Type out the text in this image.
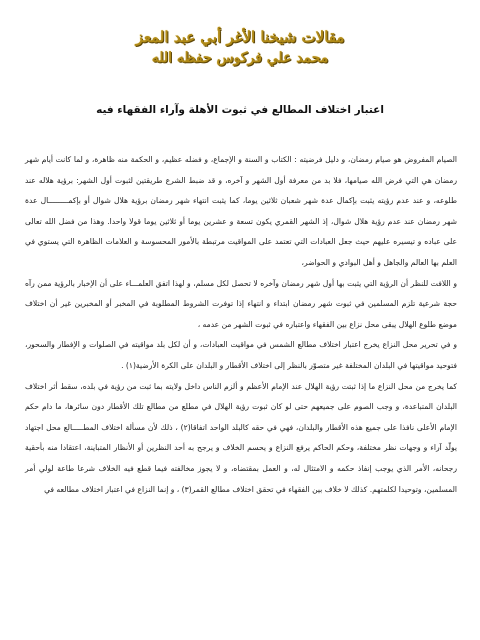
مقالات شيخنا الأغر أبي عبد المعز
محمد علي فركوس حفظه الله
اعتبار اختلاف المطالع في ثبوت الأهلة وآراء الفقهاء فيه

الصيام المفروض هو صيام رمضان، و دليل فرضيته : الكتاب و السنة و الإجماع، و فضله عظيم، و الحكمة منه ظاهرة، و لما كانت أيام شهر رمضان هي التي فرض الله صيامها، فلا بد من معرفة أول الشهر و آخره، و قد ضبط الشرع طريقتين لثبوت أول الشهر: برؤية هلاله عند طلوعه، و عند عدم رؤيته يثبت بإكمال عدة شهر شعبان ثلاثين يوما، كما يثبت انتهاء شهر رمضان برؤية هلال شوال أو بإكمـــــــــال عدة شهر رمضان عند عدم رؤية هلال شوال، إذ الشهر القمري يكون تسعة و عشرين يوما أو ثلاثين يوما قولا واحدا. وهذا من فضل الله تعالى على عباده و تيسيره عليهم حيث جعل العبادات التي تعتمد على المواقيت مرتبطة بالأمور المحسوسة و العلامات الظاهرة التي يستوي في العلم بها العالم والجاهل و أهل البوادي و الحواضر،

و اللافت للنظر أن الرؤية التي يثبت بها أول شهر رمضان وآخره لا تحصل لكل مسلم، و لهذا اتفق العلمـــاء على أن الإخبار بالرؤية ممن رآه حجة شرعية تلزم المسلمين في ثبوت شهر رمضان ابتداء و انتهاء إذا توفرت الشروط المطلوبة في المخبر أو المخبرين غير أن اختلاف موضع طلوع الهلال يبقى محل نزاع بين الفقهاء واعتباره في ثبوت الشهر من عدمه ،

و في تحرير محل النزاع يخرج اعتبار اختلاف مطالع الشمس في مواقيت العبادات، و أن لكل بلد مواقيته في الصلوات و الإفطار والسحور، فتوحيد مواقيتها في البلدان المختلفة غير متصوّر بالنظر إلى اختلاف الأقطار و البلدان على الكرة الأرضية(١) .

كما يخرج من محل النزاع ما إذا ثبتت رؤية الهلال عند الإمام الأعظم و ألزم الناس داخل ولايته بما ثبت من رؤية في بلده، سقط أثر اختلاف البلدان المتباعدة، و وجب الصوم على جميعهم حتى لو كان ثبوت رؤية الهلال في مطلع من مطالع تلك الأقطار دون سائرها، ما دام حكم الإمام الأعلى نافذا على جميع هذه الأقطار والبلدان، فهي في حقه كالبلد الواحد اتفاقا(٢) ، ذلك لأن مسألة اختلاف المطـــــالع محل اجتهاد يولّد آراء و وجهات نظر مختلفة، وحكم الحاكم يرفع النزاع و يحسم الخلاف و يرجح به أحد النظرين أو الأنظار المتباينة، اعتقادا منه بأحقية رجحانه، الأمر الذي يوجب إنفاذ حكمه و الامتثال له، و العمل بمقتضاه، و لا يجوز مخالفته فيما قطع فيه الخلاف شرعا طاعة لولي أمر المسلمين، وتوحيدا لكلمتهم. كذلك لا خلاف بين الفقهاء في تحقق اختلاف مطالع القمر(٣) ، و إنما النزاع في اعتبار اختلاف مطالعه في
